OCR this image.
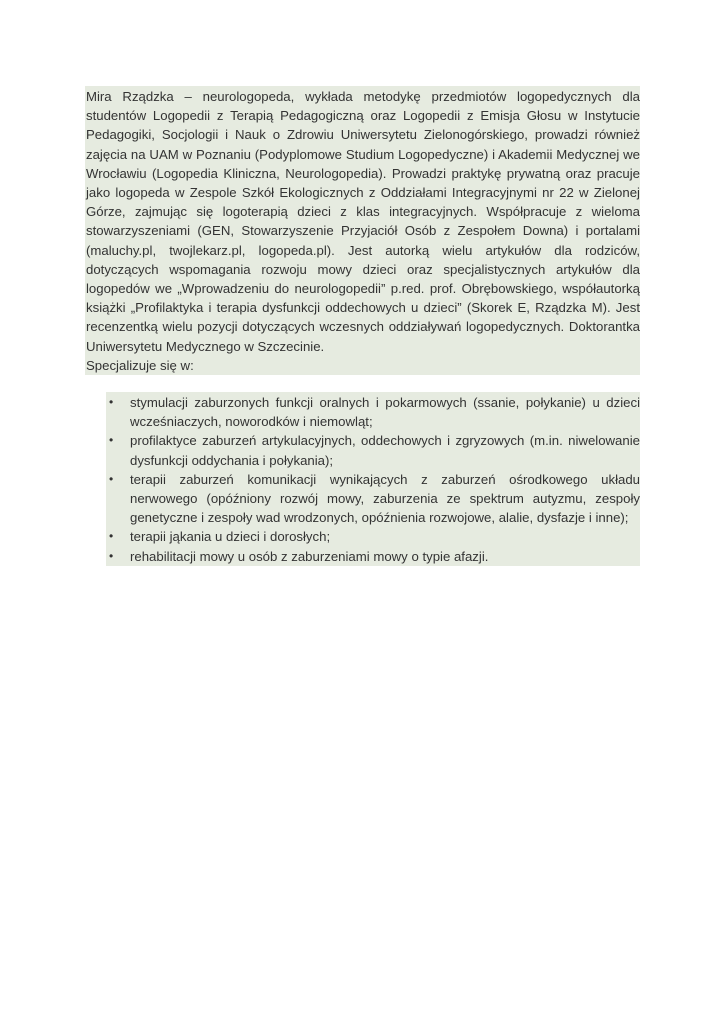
Mira Rządzka – neurologopeda, wykłada metodykę przedmiotów logopedycznych dla studentów Logopedii z Terapią Pedagogiczną oraz Logopedii z Emisja Głosu w Instytucie Pedagogiki, Socjologii i Nauk o Zdrowiu Uniwersytetu Zielonogórskiego, prowadzi również zajęcia na UAM w Poznaniu (Podyplomowe Studium Logopedyczne) i Akademii Medycznej we Wrocławiu (Logopedia Kliniczna, Neurologopedia). Prowadzi praktykę prywatną oraz pracuje jako logopeda w Zespole Szkół Ekologicznych z Oddziałami Integracyjnymi nr 22 w Zielonej Górze, zajmując się logoterapią dzieci z klas integracyjnych. Współpracuje z wieloma stowarzyszeniami (GEN, Stowarzyszenie Przyjaciół Osób z Zespołem Downa) i portalami (maluchy.pl, twojlekarz.pl, logopeda.pl). Jest autorką wielu artykułów dla rodziców, dotyczących wspomagania rozwoju mowy dzieci oraz specjalistycznych artykułów dla logopedów we „Wprowadzeniu do neurologopedii” p.red. prof. Obrębowskiego, współautorką książki „Profilaktyka i terapia dysfunkcji oddechowych u dzieci” (Skorek E, Rządzka M). Jest recenzentką wielu pozycji dotyczących wczesnych oddziaływań logopedycznych. Doktorantka Uniwersytetu Medycznego w Szczecinie.

Specjalizuje się w:

• stymulacji zaburzonych funkcji oralnych i pokarmowych (ssanie, połykanie) u dzieci wcześniaczych, noworodków i niemowląt;
• profilaktyce zaburzeń artykulacyjnych, oddechowych i zgryzowych (m.in. niwelowanie dysfunkcji oddychania i połykania);
• terapii zaburzeń komunikacji wynikających z zaburzeń ośrodkowego układu nerwowego (opóźniony rozwój mowy, zaburzenia ze spektrum autyzmu, zespoły genetyczne i zespoły wad wrodzonych, opóźnienia rozwojowe, alalie, dysfazje i inne);
• terapii jąkania u dzieci i dorosłych;
• rehabilitacji mowy u osób z zaburzeniami mowy o typie afazji.
